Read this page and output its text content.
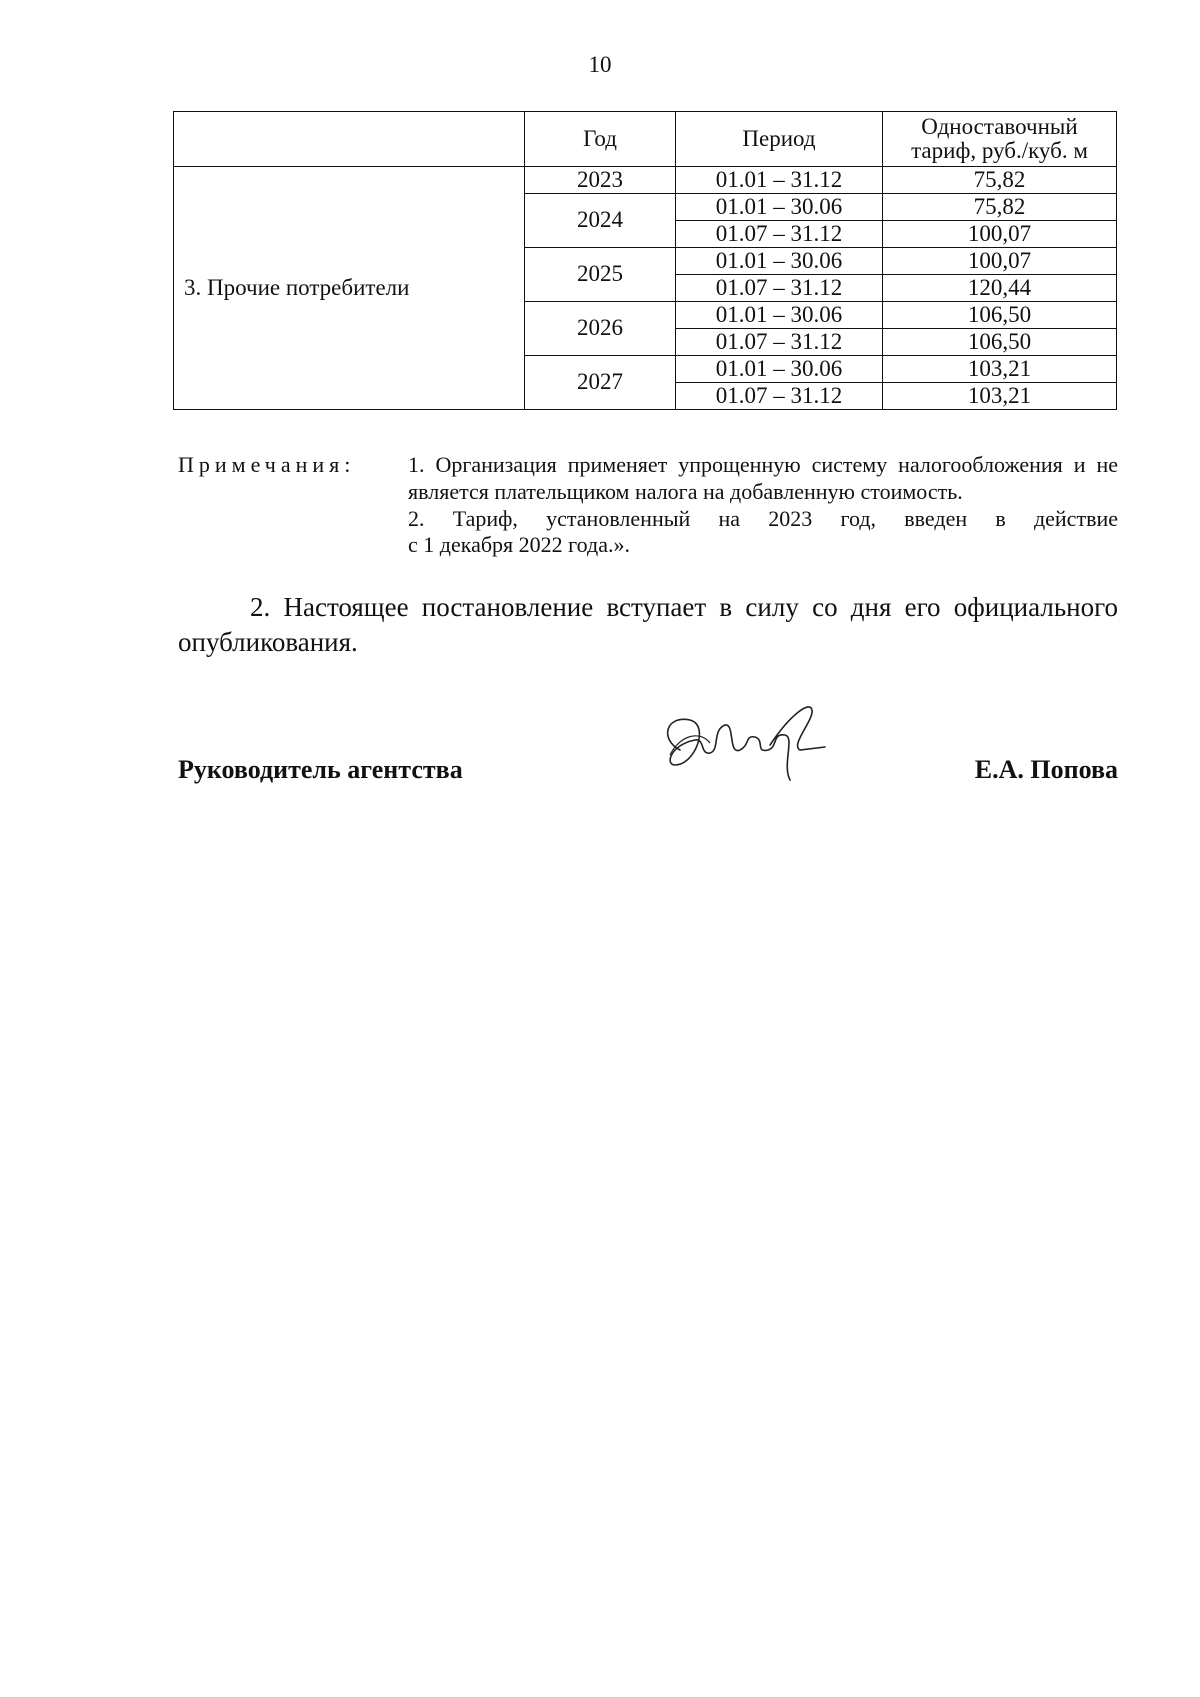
10
	Год	Период	Одноставочный тариф, руб./куб. м
3. Прочие потребители	2023	01.01 – 31.12	75,82
	2024	01.01 – 30.06	75,82
		01.07 – 31.12	100,07
	2025	01.01 – 30.06	100,07
		01.07 – 31.12	120,44
	2026	01.01 – 30.06	106,50
		01.07 – 31.12	106,50
	2027	01.01 – 30.06	103,21
		01.07 – 31.12	103,21
Примечания: 1. Организация применяет упрощенную систему налогообложения и не является плательщиком налога на добавленную стоимость.

2. Тариф, установленный на 2023 год, введен в действие

с 1 декабря 2022 года.».

2. Настоящее постановление вступает в силу со дня его официального опубликования.

Руководитель агентства	Е.А. Попова
